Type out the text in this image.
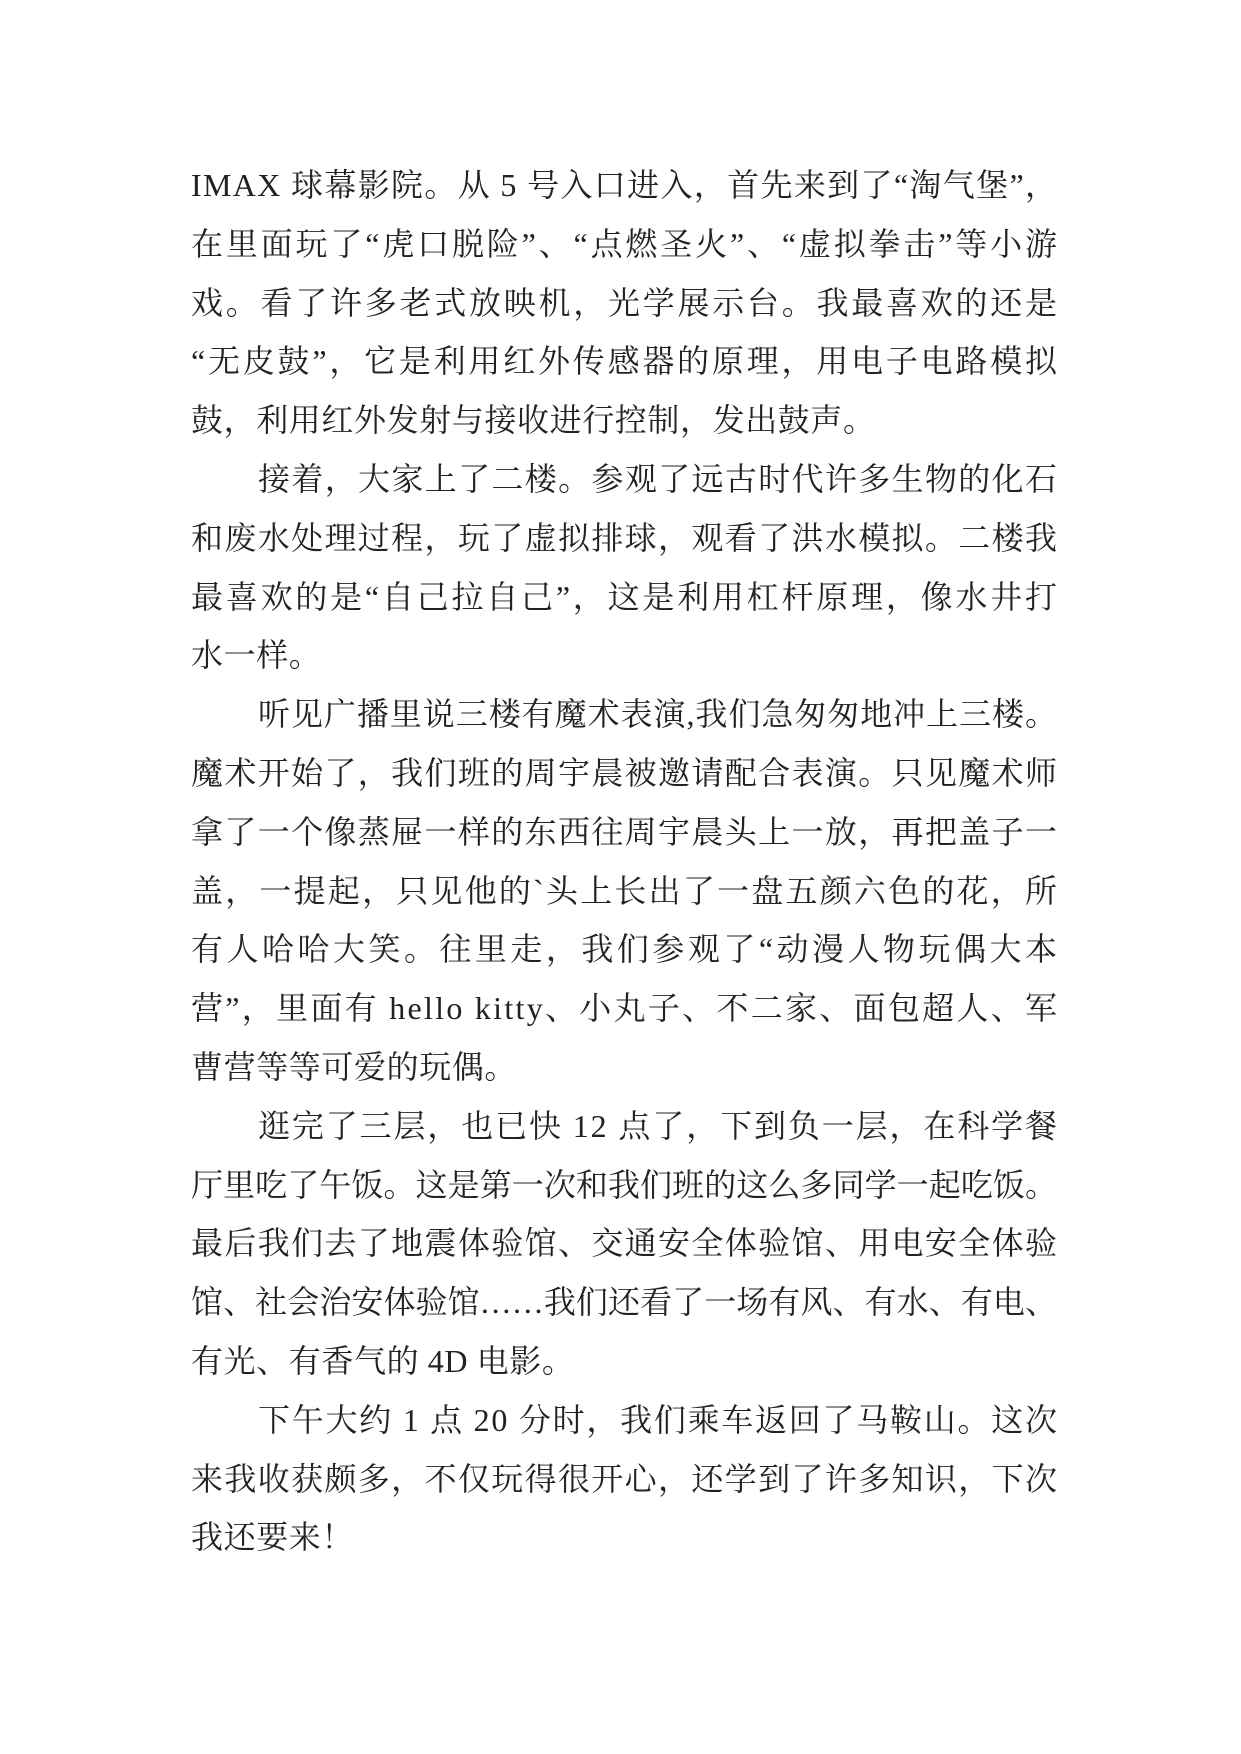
IMAX 球幕影院。从 5 号入口进入，首先来到了“淘气堡”，
在里面玩了“虎口脱险”、“点燃圣火”、“虚拟拳击”等小游
戏。看了许多老式放映机，光学展示台。我最喜欢的还是
“无皮鼓”，它是利用红外传感器的原理，用电子电路模拟
鼓，利用红外发射与接收进行控制，发出鼓声。
接着，大家上了二楼。参观了远古时代许多生物的化石
和废水处理过程，玩了虚拟排球，观看了洪水模拟。二楼我
最喜欢的是“自己拉自己”，这是利用杠杆原理，像水井打
水一样。
听见广播里说三楼有魔术表演,我们急匆匆地冲上三楼。
魔术开始了，我们班的周宇晨被邀请配合表演。只见魔术师
拿了一个像蒸屉一样的东西往周宇晨头上一放，再把盖子一
盖，一提起，只见他的`头上长出了一盘五颜六色的花，所
有人哈哈大笑。往里走，我们参观了“动漫人物玩偶大本
营”，里面有 hello kitty、小丸子、不二家、面包超人、军
曹营等等可爱的玩偶。
逛完了三层，也已快 12 点了，下到负一层，在科学餐
厅里吃了午饭。这是第一次和我们班的这么多同学一起吃饭。
最后我们去了地震体验馆、交通安全体验馆、用电安全体验
馆、社会治安体验馆……我们还看了一场有风、有水、有电、
有光、有香气的 4D 电影。
下午大约 1 点 20 分时，我们乘车返回了马鞍山。这次
来我收获颇多，不仅玩得很开心，还学到了许多知识，下次
我还要来！
